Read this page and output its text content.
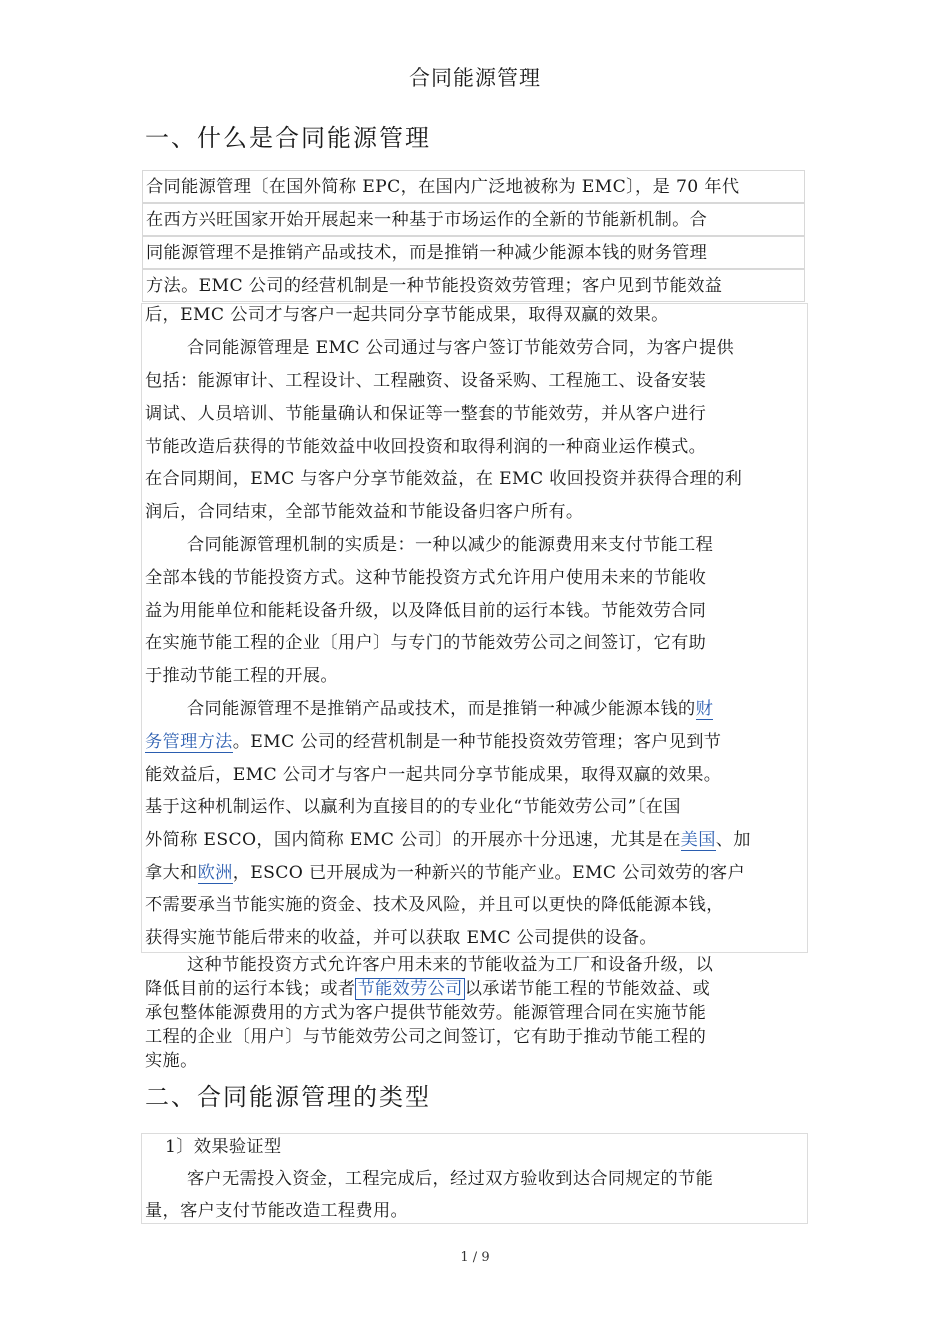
合同能源管理
一、什么是合同能源管理
合同能源管理〔在国外简称 EPC，在国内广泛地被称为 EMC〕，是 70 年代
在西方兴旺国家开始开展起来一种基于市场运作的全新的节能新机制。合
同能源管理不是推销产品或技术，而是推销一种减少能源本钱的财务管理
方法。EMC 公司的经营机制是一种节能投资效劳管理；客户见到节能效益
后，EMC 公司才与客户一起共同分享节能成果，取得双赢的效果。
合同能源管理是 EMC 公司通过与客户签订节能效劳合同，为客户提供
包括：能源审计、工程设计、工程融资、设备采购、工程施工、设备安装
调试、人员培训、节能量确认和保证等一整套的节能效劳，并从客户进行
节能改造后获得的节能效益中收回投资和取得利润的一种商业运作模式。
在合同期间，EMC 与客户分享节能效益，在 EMC 收回投资并获得合理的利
润后，合同结束，全部节能效益和节能设备归客户所有。
合同能源管理机制的实质是：一种以减少的能源费用来支付节能工程
全部本钱的节能投资方式。这种节能投资方式允许用户使用未来的节能收
益为用能单位和能耗设备升级，以及降低目前的运行本钱。节能效劳合同
在实施节能工程的企业〔用户〕与专门的节能效劳公司之间签订，它有助
于推动节能工程的开展。
合同能源管理不是推销产品或技术，而是推销一种减少能源本钱的财
务管理方法。EMC 公司的经营机制是一种节能投资效劳管理；客户见到节
能效益后，EMC 公司才与客户一起共同分享节能成果，取得双赢的效果。
基于这种机制运作、以赢利为直接目的的专业化“节能效劳公司”〔在国
外简称 ESCO，国内简称 EMC 公司〕的开展亦十分迅速，尤其是在美国、加
拿大和欧洲，ESCO 已开展成为一种新兴的节能产业。EMC 公司效劳的客户
不需要承当节能实施的资金、技术及风险，并且可以更快的降低能源本钱，
获得实施节能后带来的收益，并可以获取 EMC 公司提供的设备。
这种节能投资方式允许客户用未来的节能收益为工厂和设备升级，以
降低目前的运行本钱；或者 节能效劳公司 以承诺节能工程的节能效益、或
承包整体能源费用的方式为客户提供节能效劳。能源管理合同在实施节能
工程的企业〔用户〕与节能效劳公司之间签订，它有助于推动节能工程的
实施。
二、合同能源管理的类型
1〕效果验证型
客户无需投入资金，工程完成后，经过双方验收到达合同规定的节能
量，客户支付节能改造工程费用。
1 / 9
